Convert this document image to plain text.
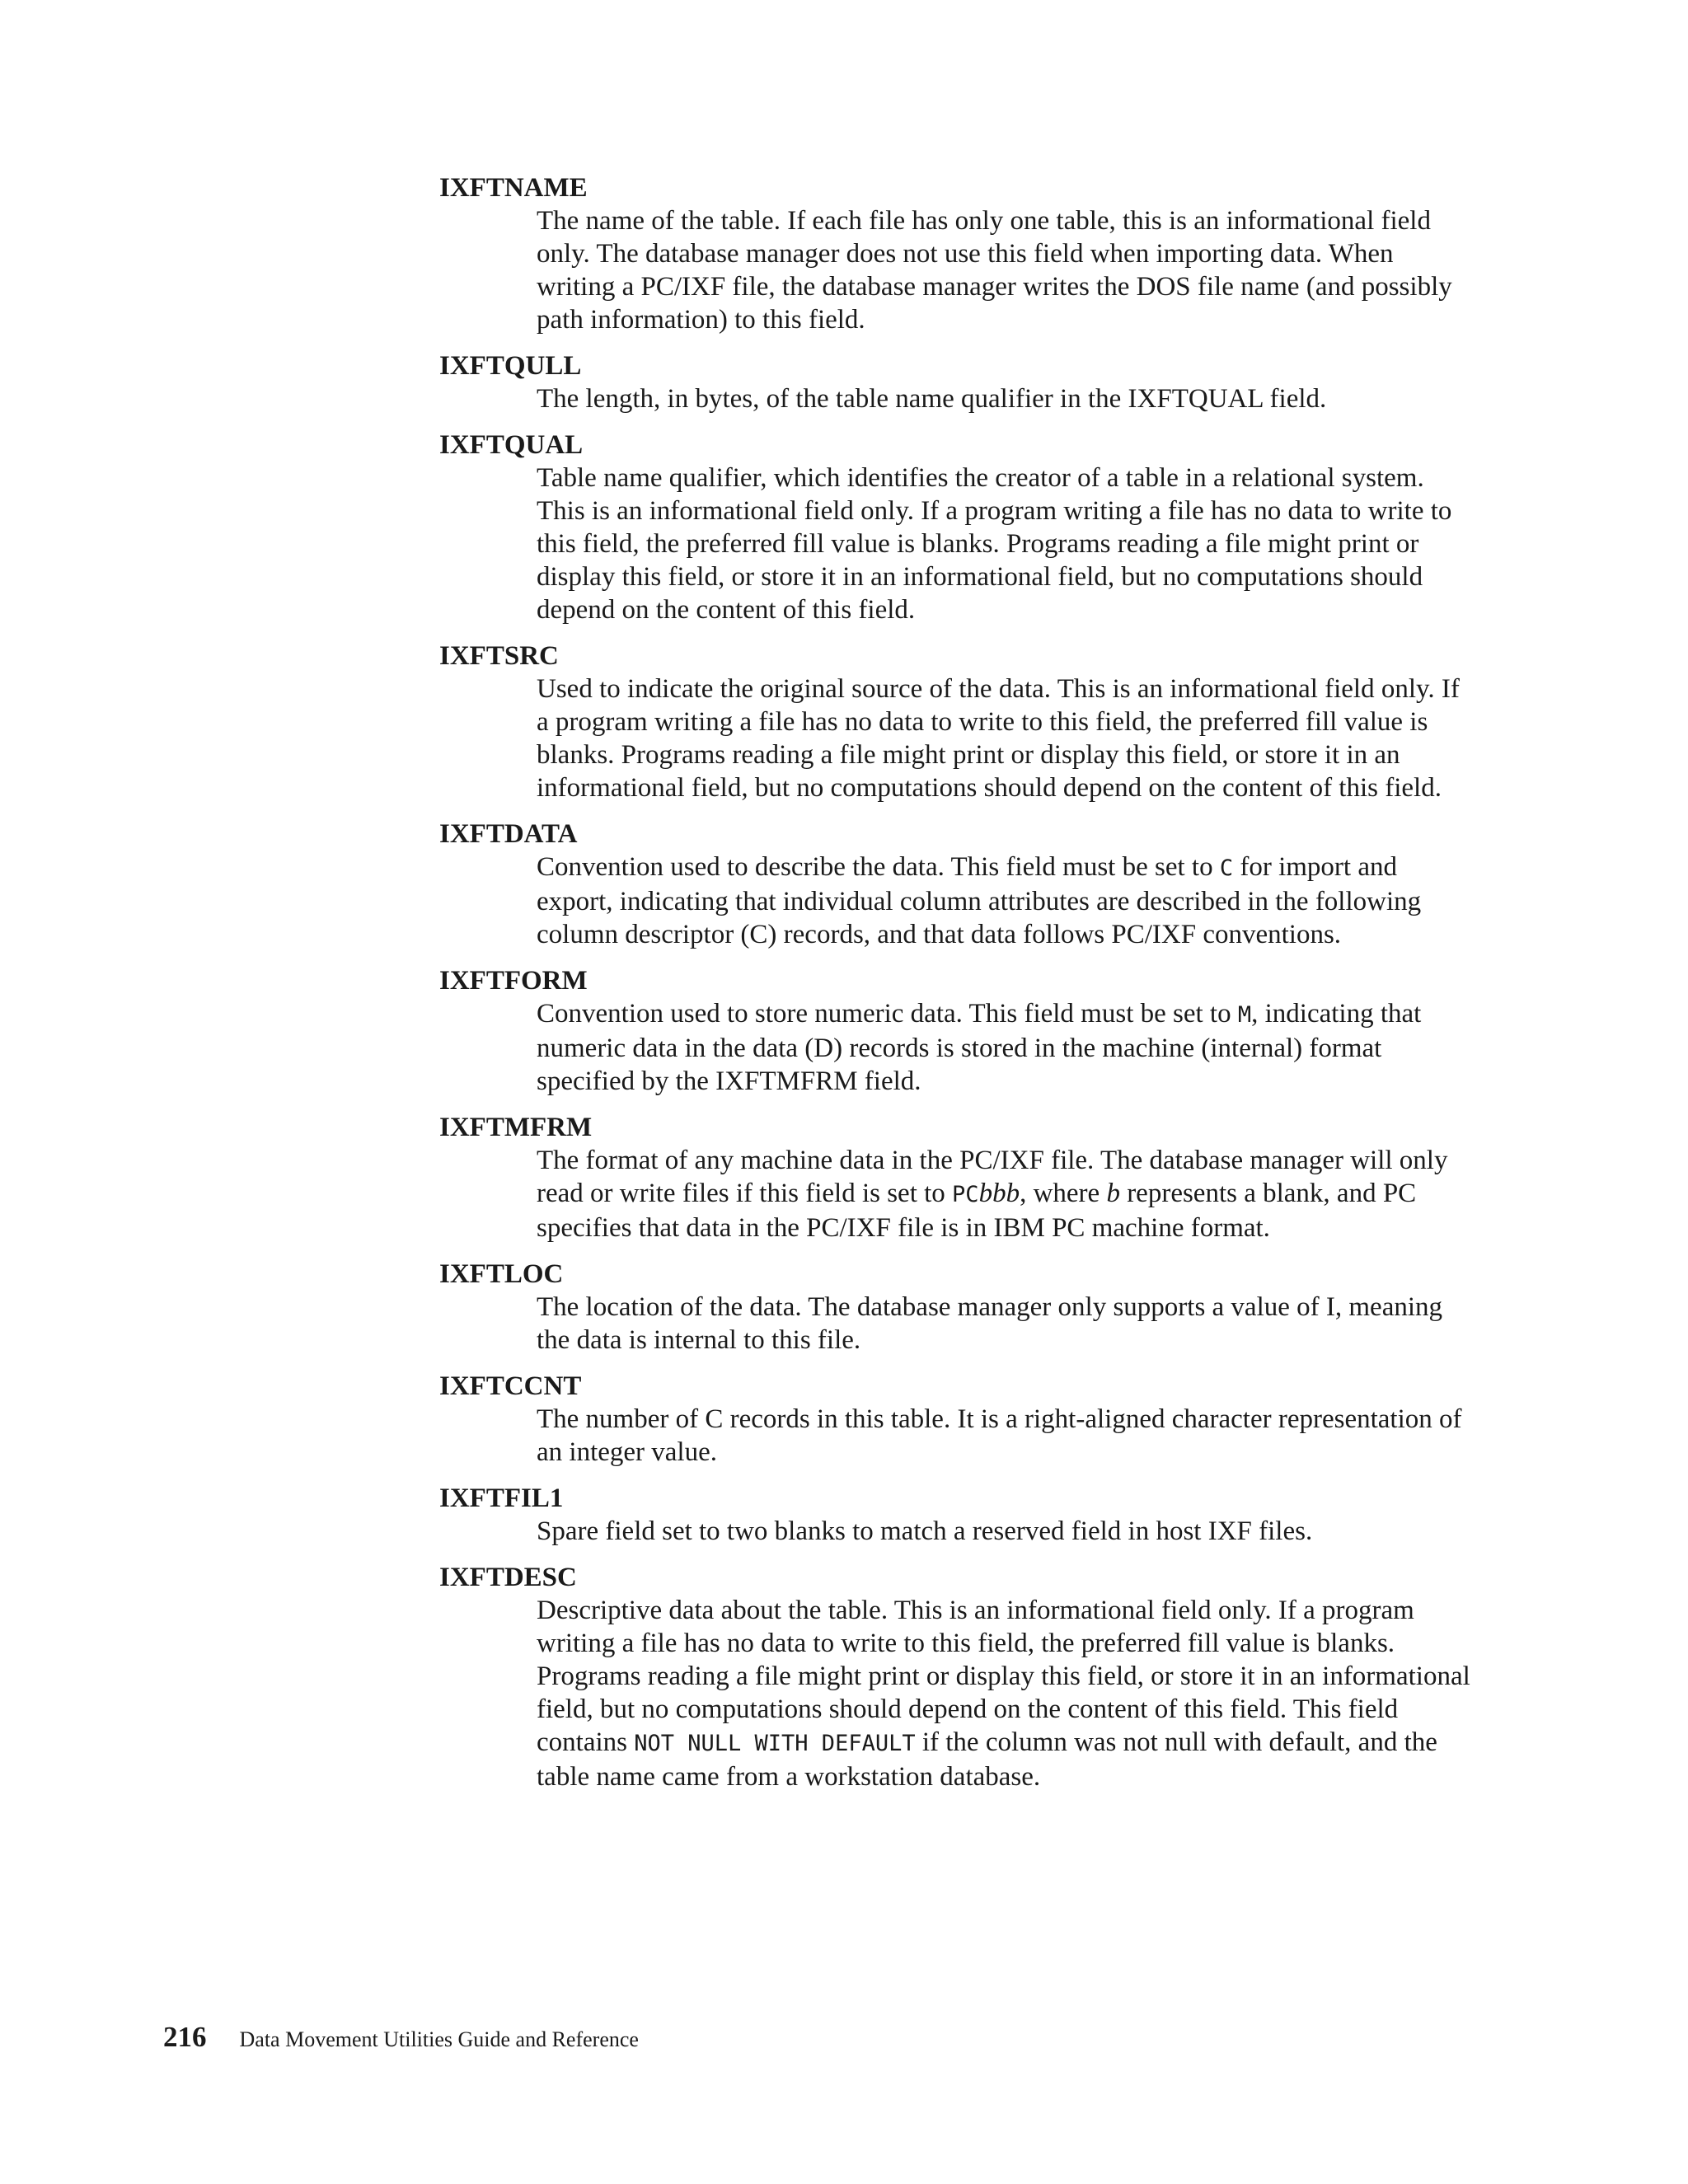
IXFTNAME
The name of the table. If each file has only one table, this is an informational field only. The database manager does not use this field when importing data. When writing a PC/IXF file, the database manager writes the DOS file name (and possibly path information) to this field.
IXFTQULL
The length, in bytes, of the table name qualifier in the IXFTQUAL field.
IXFTQUAL
Table name qualifier, which identifies the creator of a table in a relational system. This is an informational field only. If a program writing a file has no data to write to this field, the preferred fill value is blanks. Programs reading a file might print or display this field, or store it in an informational field, but no computations should depend on the content of this field.
IXFTSRC
Used to indicate the original source of the data. This is an informational field only. If a program writing a file has no data to write to this field, the preferred fill value is blanks. Programs reading a file might print or display this field, or store it in an informational field, but no computations should depend on the content of this field.
IXFTDATA
Convention used to describe the data. This field must be set to C for import and export, indicating that individual column attributes are described in the following column descriptor (C) records, and that data follows PC/IXF conventions.
IXFTFORM
Convention used to store numeric data. This field must be set to M, indicating that numeric data in the data (D) records is stored in the machine (internal) format specified by the IXFTMFRM field.
IXFTMFRM
The format of any machine data in the PC/IXF file. The database manager will only read or write files if this field is set to PCbbb, where b represents a blank, and PC specifies that data in the PC/IXF file is in IBM PC machine format.
IXFTLOC
The location of the data. The database manager only supports a value of I, meaning the data is internal to this file.
IXFTCCNT
The number of C records in this table. It is a right-aligned character representation of an integer value.
IXFTFIL1
Spare field set to two blanks to match a reserved field in host IXF files.
IXFTDESC
Descriptive data about the table. This is an informational field only. If a program writing a file has no data to write to this field, the preferred fill value is blanks. Programs reading a file might print or display this field, or store it in an informational field, but no computations should depend on the content of this field. This field contains NOT NULL WITH DEFAULT if the column was not null with default, and the table name came from a workstation database.
216 Data Movement Utilities Guide and Reference
